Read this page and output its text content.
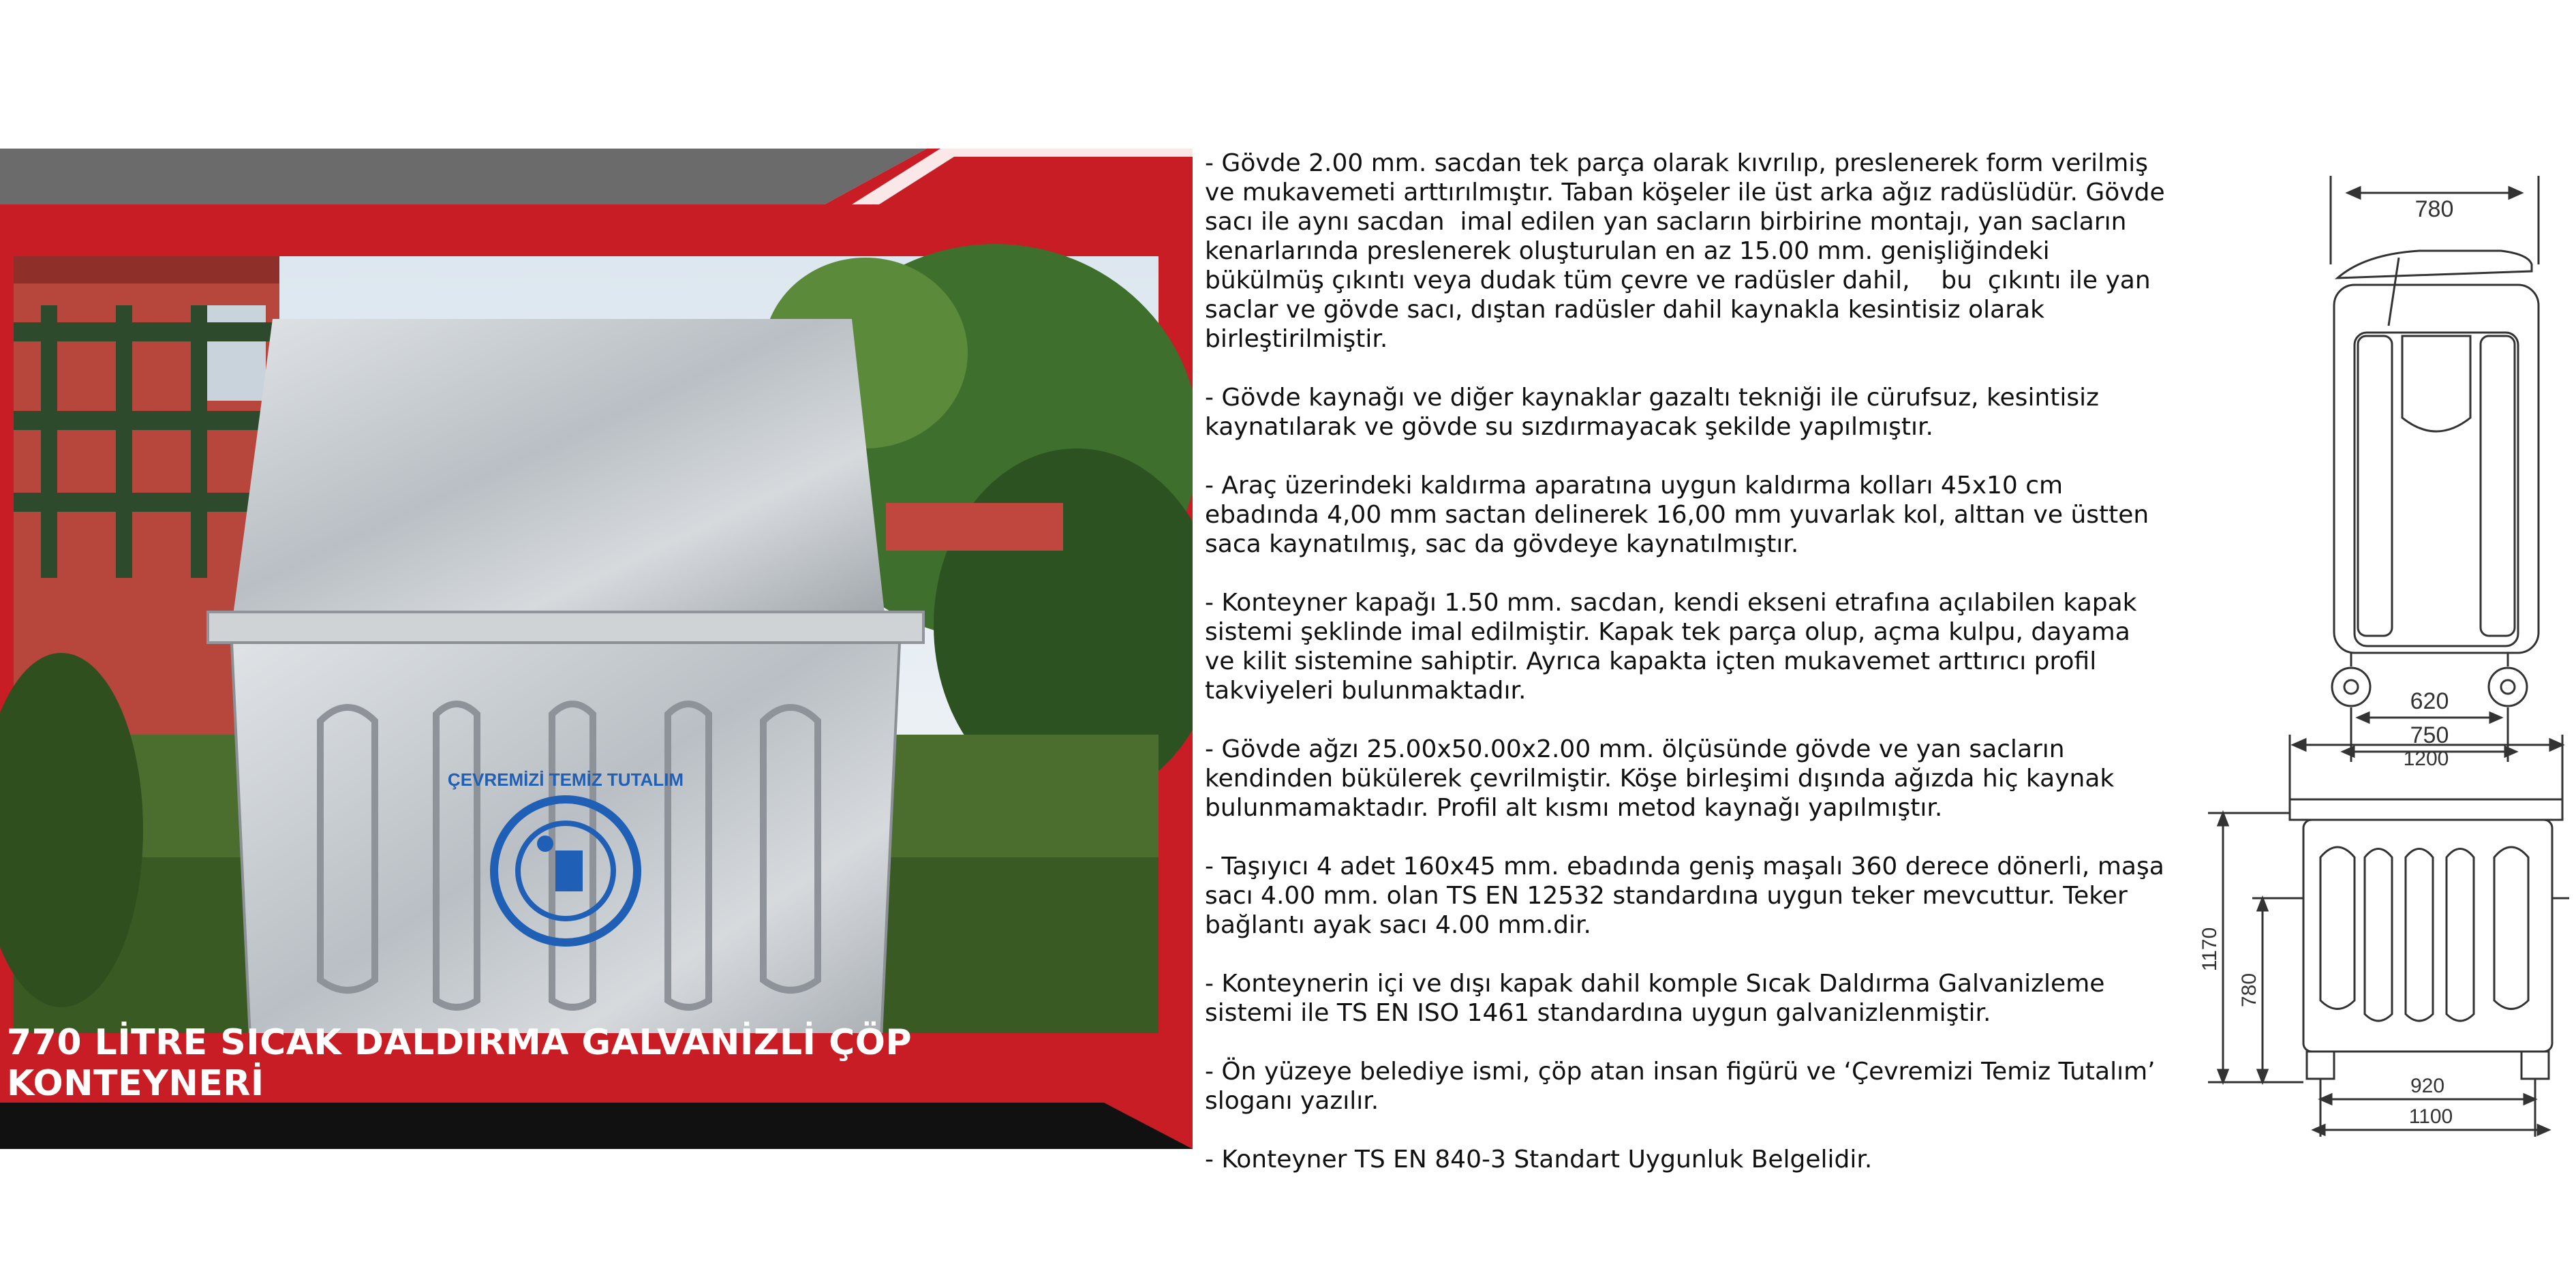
ÇEVREMİZİ TEMİZ TUTALIM
770 LİTRE SICAK DALDIRMA GALVANİZLİ ÇÖP KONTEYNERİ

- Gövde 2.00 mm. sacdan tek parça olarak kıvrılıp, preslenerek form verilmiş ve mukavemeti arttırılmıştır. Taban köşeler ile üst arka ağız radüslüdür. Gövde sacı ile aynı sacdan  imal edilen yan sacların birbirine montajı, yan sacların kenarlarında preslenerek oluşturulan en az 15.00 mm. genişliğindeki bükülmüş çıkıntı veya dudak tüm çevre ve radüsler dahil,    bu  çıkıntı ile yan saclar ve gövde sacı, dıştan radüsler dahil kaynakla kesintisiz olarak birleştirilmiştir.

- Gövde kaynağı ve diğer kaynaklar gazaltı tekniği ile cürufsuz, kesintisiz kaynatılarak ve gövde su sızdırmayacak şekilde yapılmıştır.

- Araç üzerindeki kaldırma aparatına uygun kaldırma kolları 45x10 cm ebadında 4,00 mm sactan delinerek 16,00 mm yuvarlak kol, alttan ve üstten saca kaynatılmış, sac da gövdeye kaynatılmıştır.

- Konteyner kapağı 1.50 mm. sacdan, kendi ekseni etrafına açılabilen kapak sistemi şeklinde imal edilmiştir. Kapak tek parça olup, açma kulpu, dayama ve kilit sistemine sahiptir. Ayrıca kapakta içten mukavemet arttırıcı profil takviyeleri bulunmaktadır.

- Gövde ağzı 25.00x50.00x2.00 mm. ölçüsünde gövde ve yan sacların kendinden bükülerek çevrilmiştir. Köşe birleşimi dışında ağızda hiç kaynak bulunmamaktadır. Profil alt kısmı metod kaynağı yapılmıştır.

- Taşıyıcı 4 adet 160x45 mm. ebadında geniş maşalı 360 derece dönerli, maşa sacı 4.00 mm. olan TS EN 12532 standardına uygun teker mevcuttur. Teker bağlantı ayak sacı 4.00 mm.dir.

- Konteynerin içi ve dışı kapak dahil komple Sıcak Daldırma Galvanizleme sistemi ile TS EN ISO 1461 standardına uygun galvanizlenmiştir.

- Ön yüzeye belediye ismi, çöp atan insan figürü ve ‘Çevremizi Temiz Tutalım’ sloganı yazılır.

- Konteyner TS EN 840-3 Standart Uygunluk Belgelidir.

780
620
750
1200
1170
780
920
1100
